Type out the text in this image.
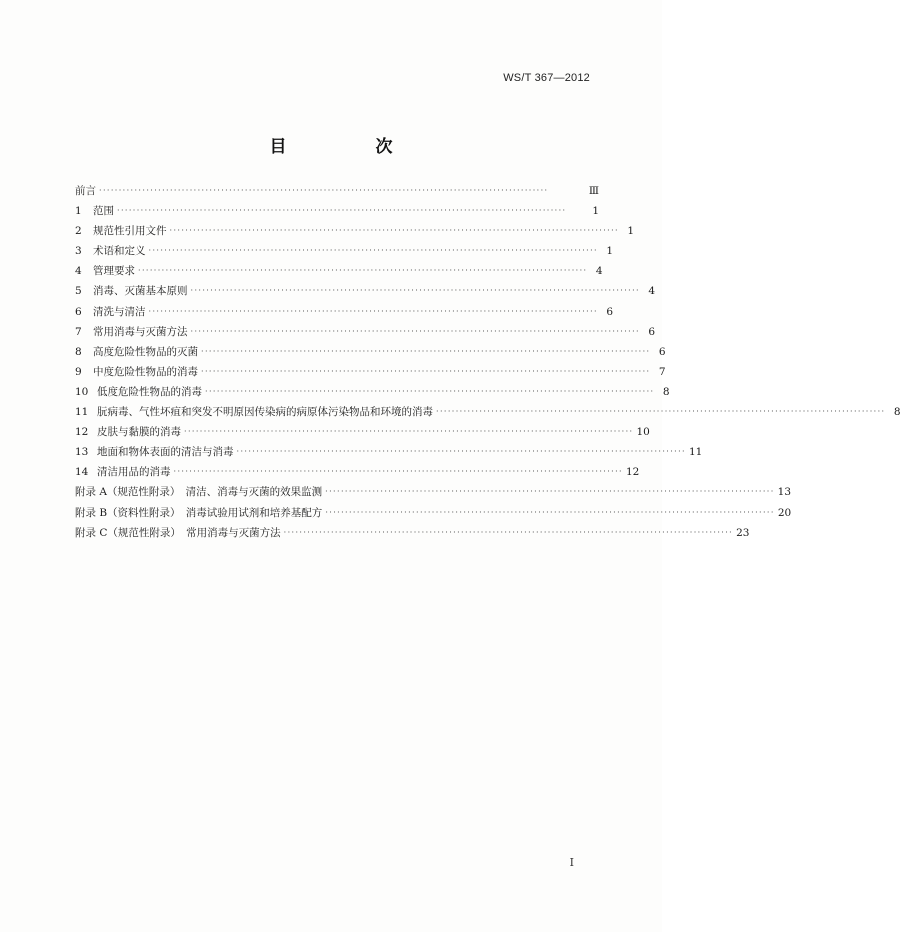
WS/T 367—2012
目　次
前言 ··················································································································	Ⅲ
1	范围 ··················································································································	1
2	规范性引用文件 ·················································································································· 1
3	术语和定义 ·················································································································· 1
4	管理要求 ·················································································································· 4
5	消毒、灭菌基本原则 ·················································································································· 4
6	清洗与清洁 ·················································································································· 6
7	常用消毒与灭菌方法 ·················································································································· 6
8	高度危险性物品的灭菌 ·················································································································· 6
9	中度危险性物品的消毒 ·················································································································· 7
10 低度危险性物品的消毒 ·················································································································· 8
11 朊病毒、气性坏疽和突发不明原因传染病的病原体污染物品和环境的消毒 ·················································································································· 8
12 皮肤与黏膜的消毒 ·················································································································· 10
13 地面和物体表面的清洁与消毒 ·················································································································· 11
14 清洁用品的消毒 ·················································································································· 12
附录 A（规范性附录）　清洁、消毒与灭菌的效果监测 ·················································································································· 13
附录 B（资料性附录）　消毒试验用试剂和培养基配方 ·················································································································· 20
附录 C（规范性附录）　常用消毒与灭菌方法 ·················································································································· 23
Ⅰ
